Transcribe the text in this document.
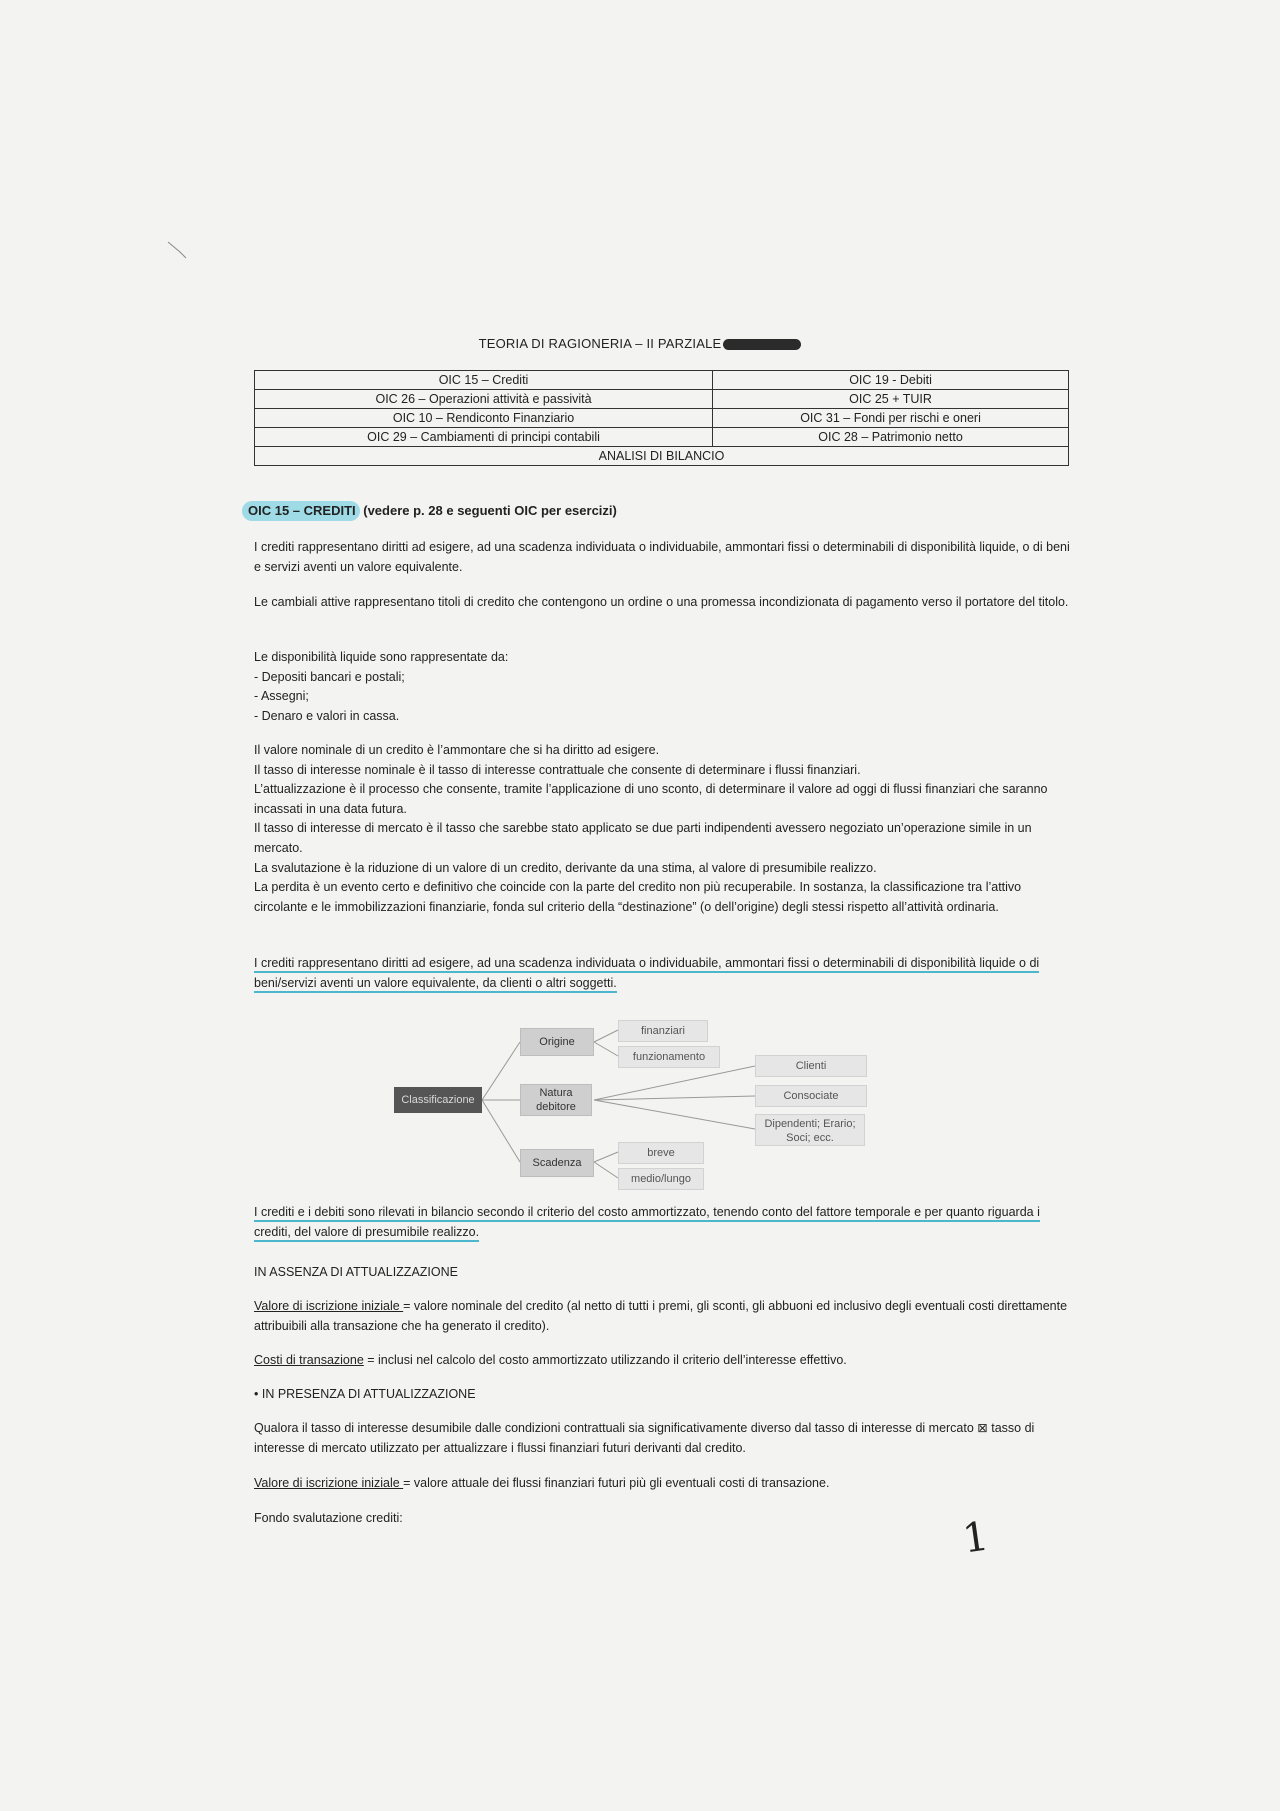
TEORIA DI RAGIONERIA – II PARZIALE
OIC 15 – Crediti	OIC 19 - Debiti
OIC 26 – Operazioni attività e passività	OIC 25 + TUIR
OIC 10 – Rendiconto Finanziario	OIC 31 – Fondi per rischi e oneri
OIC 29 – Cambiamenti di principi contabili	OIC 28 – Patrimonio netto
ANALISI DI BILANCIO	
OIC 15 – CREDITI (vedere p. 28 e seguenti OIC per esercizi)

I crediti rappresentano diritti ad esigere, ad una scadenza individuata o individuabile, ammontari fissi o determinabili di disponibilità liquide, o di beni e servizi aventi un valore equivalente.

Le cambiali attive rappresentano titoli di credito che contengono un ordine o una promessa incondizionata di pagamento verso il portatore del titolo.

Le disponibilità liquide sono rappresentate da:

- Depositi bancari e postali;

- Assegni;

- Denaro e valori in cassa.

Il valore nominale di un credito è l’ammontare che si ha diritto ad esigere.

Il tasso di interesse nominale è il tasso di interesse contrattuale che consente di determinare i flussi finanziari.

L’attualizzazione è il processo che consente, tramite l’applicazione di uno sconto, di determinare il valore ad oggi di flussi finanziari che saranno incassati in una data futura.

Il tasso di interesse di mercato è il tasso che sarebbe stato applicato se due parti indipendenti avessero negoziato un’operazione simile in un mercato.

La svalutazione è la riduzione di un valore di un credito, derivante da una stima, al valore di presumibile realizzo.

La perdita è un evento certo e definitivo che coincide con la parte del credito non più recuperabile. In sostanza, la classificazione tra l’attivo circolante e le immobilizzazioni finanziarie, fonda sul criterio della “destinazione” (o dell’origine) degli stessi rispetto all’attività ordinaria.

I crediti rappresentano diritti ad esigere, ad una scadenza individuata o individuabile, ammontari fissi o determinabili di disponibilità liquide o di beni/servizi aventi un valore equivalente, da clienti o altri soggetti.

Classificazione
Origine
finanziari
funzionamento
Natura debitore
Clienti
Consociate
Dipendenti; Erario; Soci; ecc.
Scadenza
breve
medio/lungo

I crediti e i debiti sono rilevati in bilancio secondo il criterio del costo ammortizzato, tenendo conto del fattore temporale e per quanto riguarda i crediti, del valore di presumibile realizzo.

IN ASSENZA DI ATTUALIZZAZIONE

Valore di iscrizione iniziale = valore nominale del credito (al netto di tutti i premi, gli sconti, gli abbuoni ed inclusivo degli eventuali costi direttamente attribuibili alla transazione che ha generato il credito).

Costi di transazione = inclusi nel calcolo del costo ammortizzato utilizzando il criterio dell’interesse effettivo.

• IN PRESENZA DI ATTUALIZZAZIONE

Qualora il tasso di interesse desumibile dalle condizioni contrattuali sia significativamente diverso dal tasso di interesse di mercato ⊠ tasso di interesse di mercato utilizzato per attualizzare i flussi finanziari futuri derivanti dal credito.

Valore di iscrizione iniziale = valore attuale dei flussi finanziari futuri più gli eventuali costi di transazione.

Fondo svalutazione crediti:	1
